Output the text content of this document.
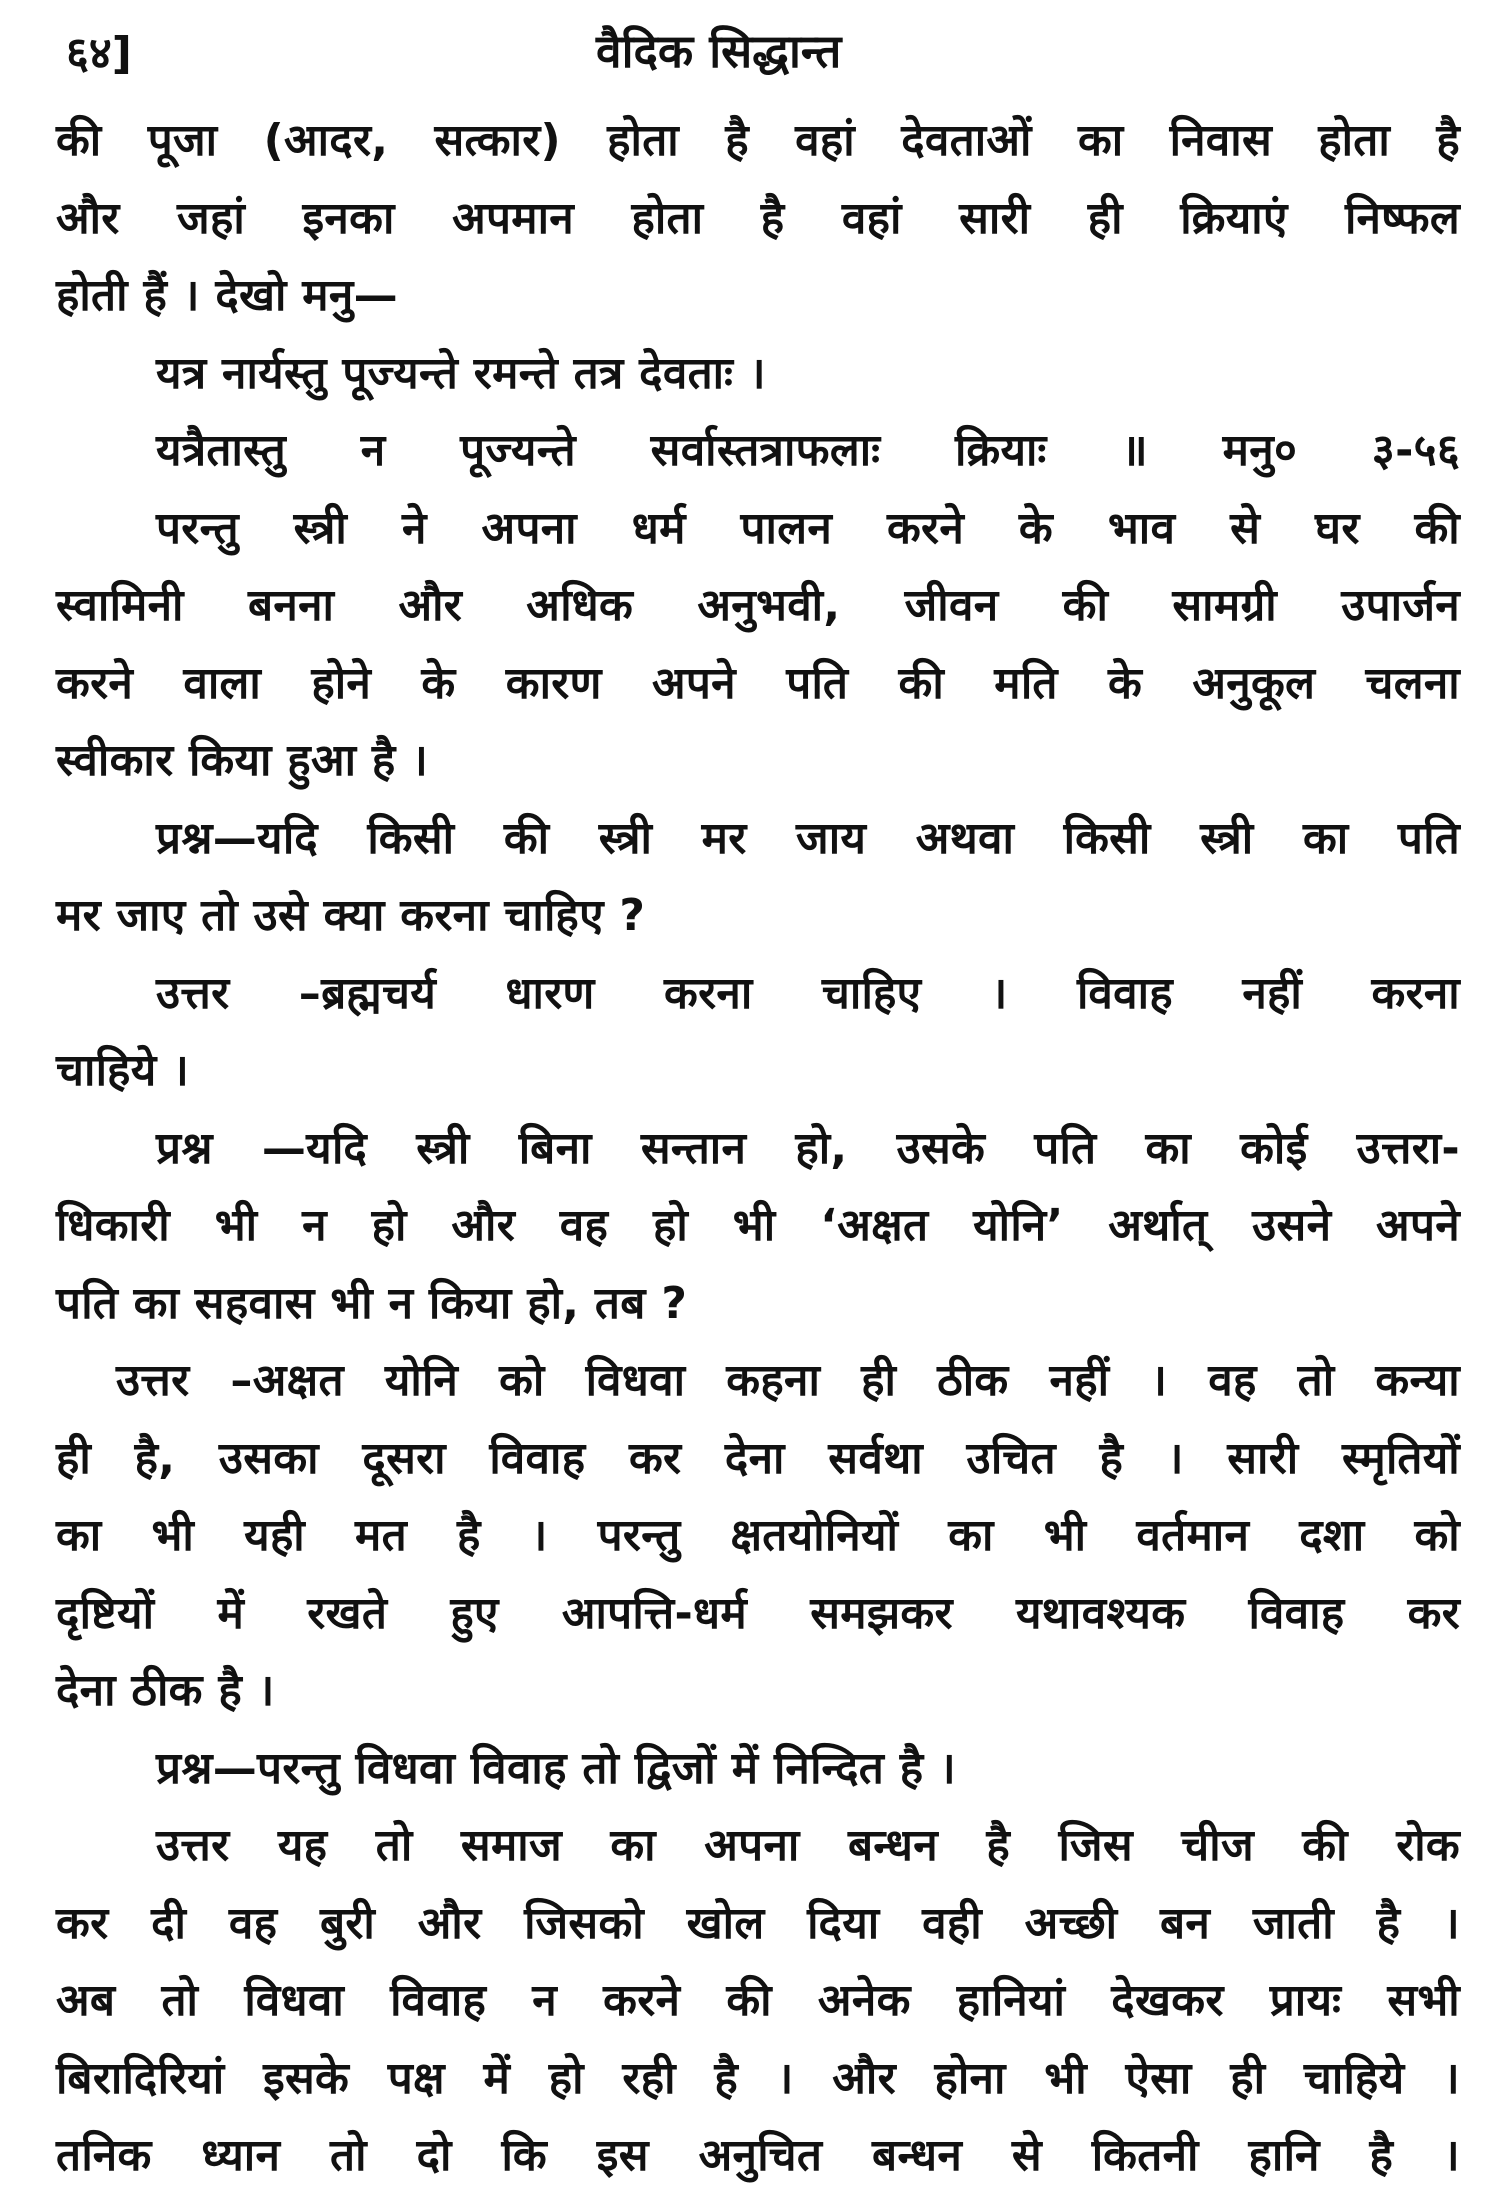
६४]	वैदिक सिद्धान्त
की पूजा (आदर, सत्कार) होता है वहां देवताओं का निवास होता है
और जहां इनका अपमान होता है वहां सारी ही क्रियाएं निष्फल
होती हैं । देखो मनु—
यत्र नार्यस्तु पूज्यन्ते रमन्ते तत्र देवताः ।
यत्रैतास्तु न पूज्यन्ते सर्वास्तत्राफलाः क्रियाः ॥ मनु० ३-५६
परन्तु स्त्री ने अपना धर्म पालन करने के भाव से घर की
स्वामिनी बनना और अधिक अनुभवी, जीवन की सामग्री उपार्जन
करने वाला होने के कारण अपने पति की मति के अनुकूल चलना
स्वीकार किया हुआ है ।
प्रश्न—यदि किसी की स्त्री मर जाय अथवा किसी स्त्री का पति
मर जाए तो उसे क्या करना चाहिए ?
उत्तर –ब्रह्मचर्य धारण करना चाहिए । विवाह नहीं करना
चाहिये ।
प्रश्न —यदि स्त्री बिना सन्तान हो, उसके पति का कोई उत्तरा-
धिकारी भी न हो और वह हो भी ‘अक्षत योनि’ अर्थात् उसने अपने
पति का सहवास भी न किया हो, तब ?
उत्तर –अक्षत योनि को विधवा कहना ही ठीक नहीं । वह तो कन्या
ही है, उसका दूसरा विवाह कर देना सर्वथा उचित है । सारी स्मृतियों
का भी यही मत है । परन्तु क्षतयोनियों का भी वर्तमान दशा को
दृष्टियों में रखते हुए आपत्ति-धर्म समझकर यथावश्यक विवाह कर
देना ठीक है ।
प्रश्न—परन्तु विधवा विवाह तो द्विजों में निन्दित है ।
उत्तर यह तो समाज का अपना बन्धन है जिस चीज की रोक
कर दी वह बुरी और जिसको खोल दिया वही अच्छी बन जाती है ।
अब तो विधवा विवाह न करने की अनेक हानियां देखकर प्रायः सभी
बिरादिरियां इसके पक्ष में हो रही है । और होना भी ऐसा ही चाहिये ।
तनिक ध्यान तो दो कि इस अनुचित बन्धन से कितनी हानि है ।
